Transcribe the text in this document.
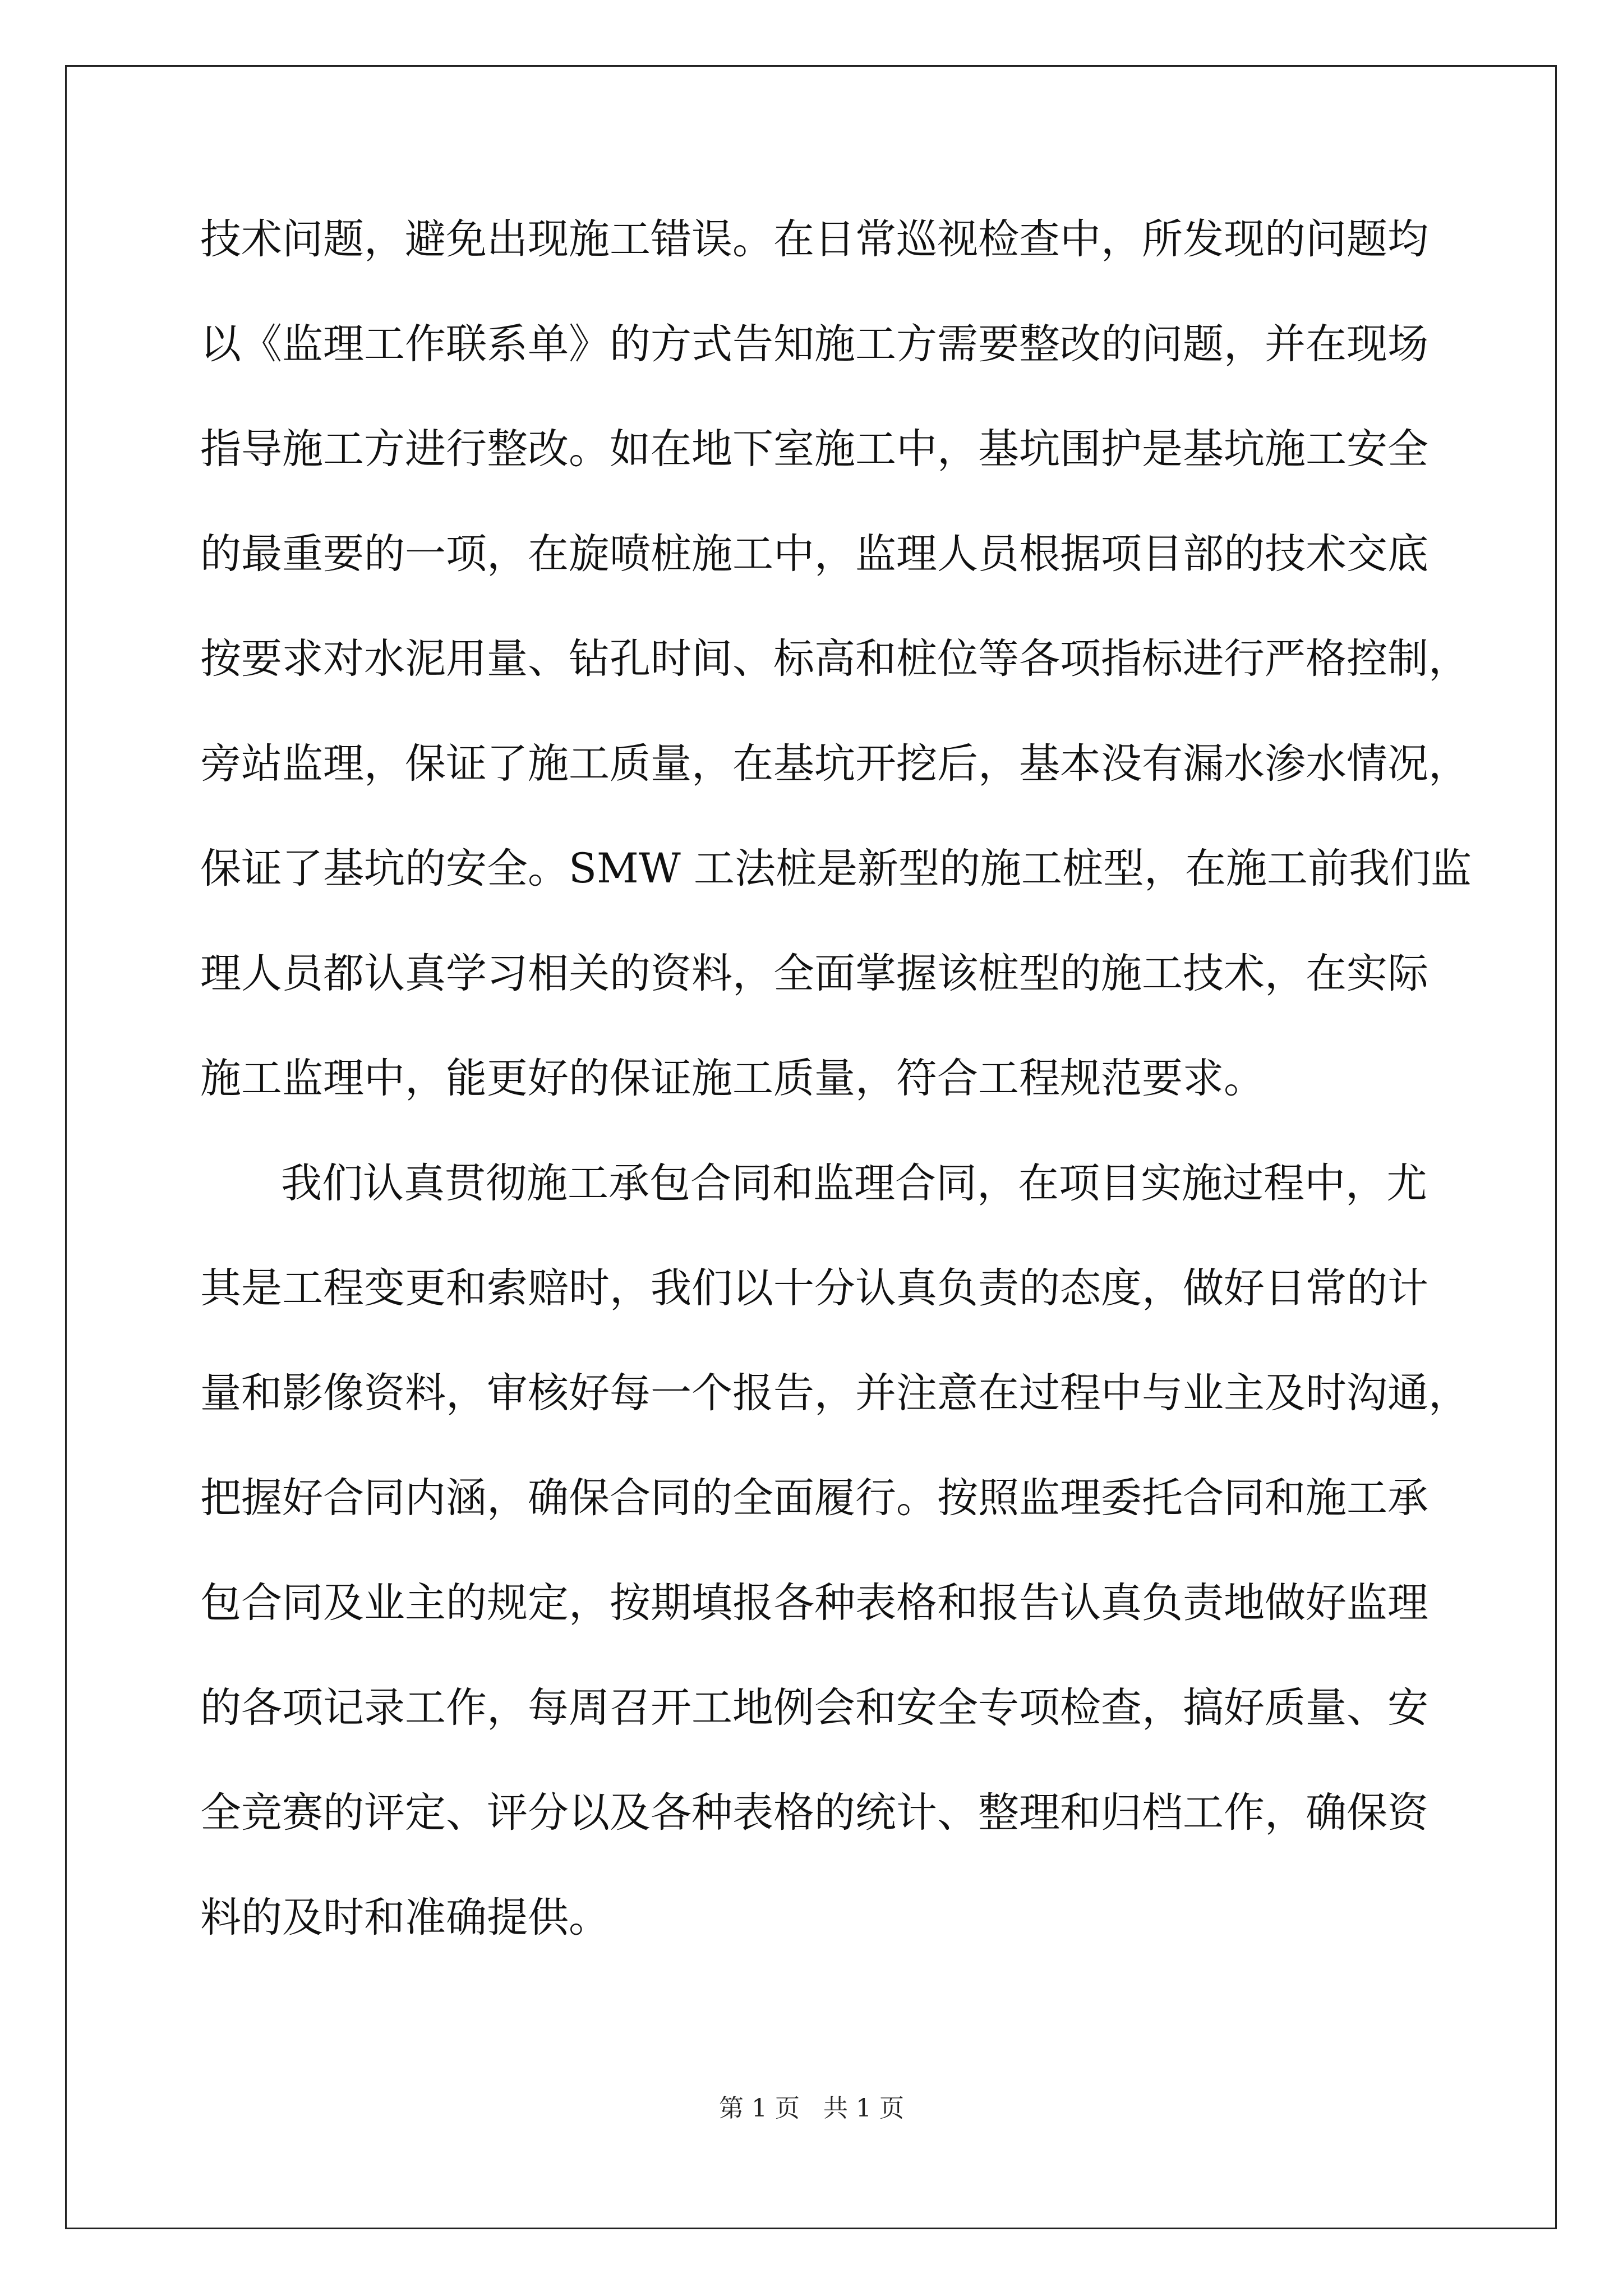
技术问题，避免出现施工错误。在日常巡视检查中，所发现的问题均
以《监理工作联系单》的方式告知施工方需要整改的问题，并在现场
指导施工方进行整改。如在地下室施工中，基坑围护是基坑施工安全
的最重要的一项，在旋喷桩施工中，监理人员根据项目部的技术交底
按要求对水泥用量、钻孔时间、标高和桩位等各项指标进行严格控制，
旁站监理，保证了施工质量，在基坑开挖后，基本没有漏水渗水情况，
保证了基坑的安全。SMW 工法桩是新型的施工桩型，在施工前我们监
理人员都认真学习相关的资料，全面掌握该桩型的施工技术，在实际
施工监理中，能更好的保证施工质量，符合工程规范要求。
我们认真贯彻施工承包合同和监理合同，在项目实施过程中，尤
其是工程变更和索赔时，我们以十分认真负责的态度，做好日常的计
量和影像资料，审核好每一个报告，并注意在过程中与业主及时沟通，
把握好合同内涵，确保合同的全面履行。按照监理委托合同和施工承
包合同及业主的规定，按期填报各种表格和报告认真负责地做好监理
的各项记录工作，每周召开工地例会和安全专项检查，搞好质量、安
全竞赛的评定、评分以及各种表格的统计、整理和归档工作，确保资
料的及时和准确提供。
第 1 页   共 1 页
